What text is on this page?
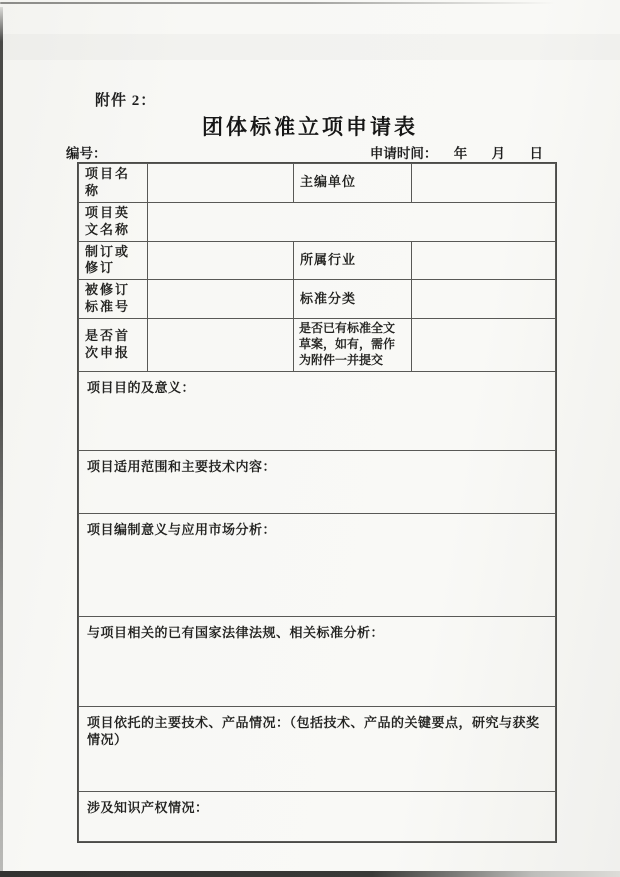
附件 2：
团体标准立项申请表
编号：	申请时间： 年 月 日
项目名称		主编单位	
项目英文名称			
制订或修订		所属行业	
被修订标准号		标准分类	
是否首次申报		是否已有标准全文草案，如有，需作为附件一并提交	
项目目的及意义：			
项目适用范围和主要技术内容：			
项目编制意义与应用市场分析：			
与项目相关的已有国家法律法规、相关标准分析：			
项目依托的主要技术、产品情况：（包括技术、产品的关键要点，研究与获奖情况）			
涉及知识产权情况：			
